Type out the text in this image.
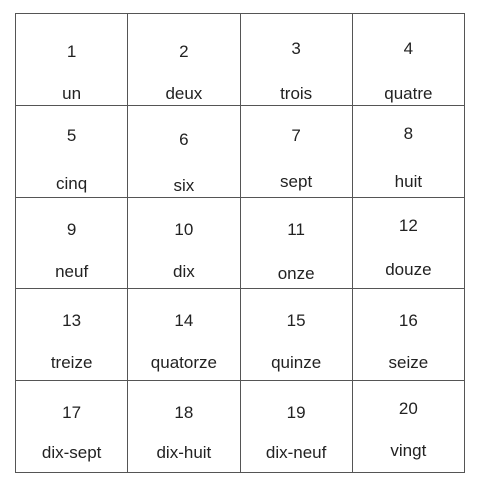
1
un
2
deux
3
trois
4
quatre
5
cinq
6
six
7
sept
8
huit
9
neuf
10
dix
11
onze
12
douze
13
treize
14
quatorze
15
quinze
16
seize
17
dix-sept
18
dix-huit
19
dix-neuf
20
vingt
